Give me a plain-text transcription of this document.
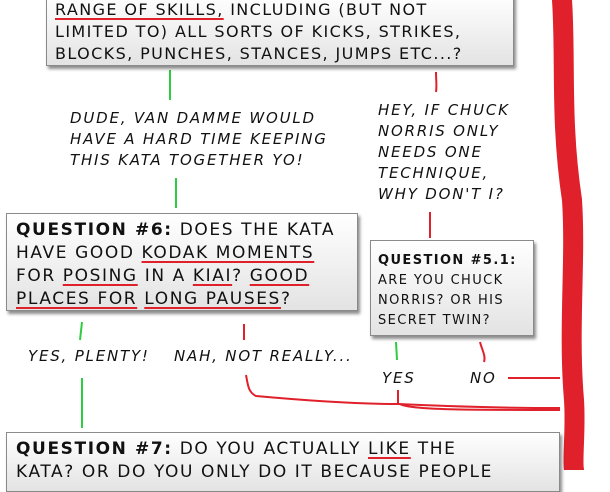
RANGE OF SKILLS, INCLUDING (BUT NOT
LIMITED TO) ALL SORTS OF KICKS, STRIKES,
BLOCKS, PUNCHES, STANCES, JUMPS ETC...?
DUDE, VAN DAMME WOULD
HAVE A HARD TIME KEEPING
THIS KATA TOGETHER YO!
HEY, IF CHUCK
NORRIS ONLY
NEEDS ONE
TECHNIQUE,
WHY DON'T I?
QUESTION #6: DOES THE KATA
HAVE GOOD KODAK MOMENTS
FOR POSING IN A KIAI? GOOD
PLACES FOR LONG PAUSES?
QUESTION #5.1:
ARE YOU CHUCK NORRIS? OR HIS SECRET TWIN?
YES, PLENTY! NAH, NOT REALLY...
YES	NO
QUESTION #7: DO YOU ACTUALLY LIKE THE
KATA? OR DO YOU ONLY DO IT BECAUSE PEOPLE
